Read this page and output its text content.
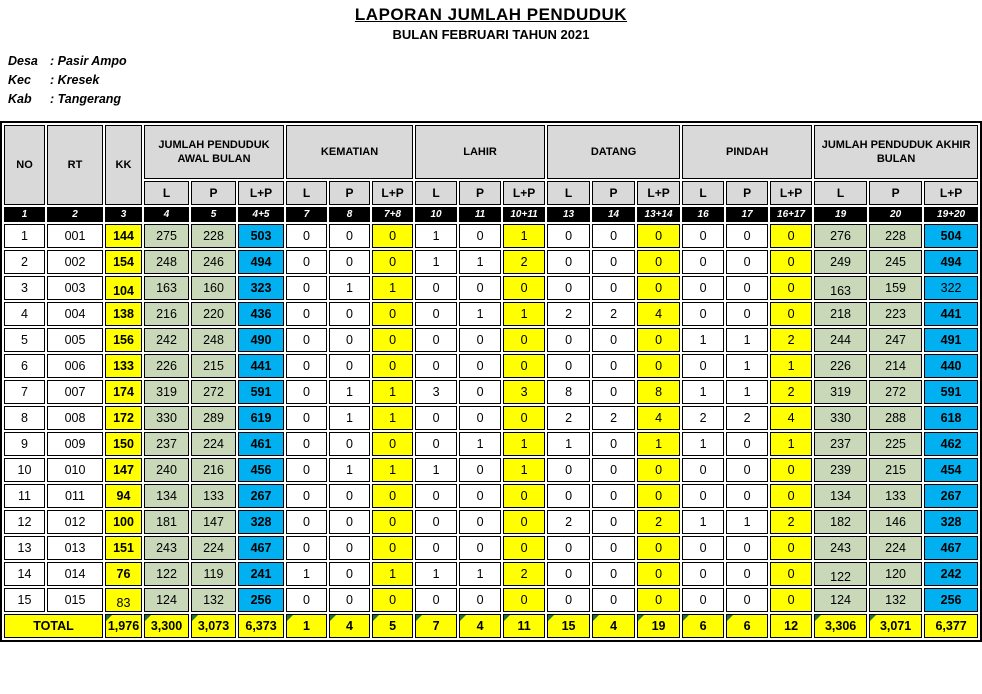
LAPORAN JUMLAH PENDUDUK
BULAN FEBRUARI TAHUN 2021
Desa : Pasir Ampo
Kec : Kresek
Kab : Tangerang
NO	RT	KK	JUMLAH PENDUDUK AWAL BULAN			KEMATIAN			LAHIR			DATANG			PINDAH			JUMLAH PENDUDUK AKHIR BULAN		
			L	P	L+P	L	P	L+P	L	P	L+P	L	P	L+P	L	P	L+P	L	P	L+P
1	2	3	4	5	4+5	7	8	7+8	10	11	10+11	13	14	13+14	16	17	16+17	19	20	19+20
1	001	144	275	228	503	0	0	0	1	0	1	0	0	0	0	0	0	276	228	504
2	002	154	248	246	494	0	0	0	1	1	2	0	0	0	0	0	0	249	245	494
3	003	104	163	160	323	0	1	1	0	0	0	0	0	0	0	0	0	163	159	322
4	004	138	216	220	436	0	0	0	0	1	1	2	2	4	0	0	0	218	223	441
5	005	156	242	248	490	0	0	0	0	0	0	0	0	0	1	1	2	244	247	491
6	006	133	226	215	441	0	0	0	0	0	0	0	0	0	0	1	1	226	214	440
7	007	174	319	272	591	0	1	1	3	0	3	8	0	8	1	1	2	319	272	591
8	008	172	330	289	619	0	1	1	0	0	0	2	2	4	2	2	4	330	288	618
9	009	150	237	224	461	0	0	0	0	1	1	1	0	1	1	0	1	237	225	462
10	010	147	240	216	456	0	1	1	1	0	1	0	0	0	0	0	0	239	215	454
11	011	94	134	133	267	0	0	0	0	0	0	0	0	0	0	0	0	134	133	267
12	012	100	181	147	328	0	0	0	0	0	0	2	0	2	1	1	2	182	146	328
13	013	151	243	224	467	0	0	0	0	0	0	0	0	0	0	0	0	243	224	467
14	014	76	122	119	241	1	0	1	1	1	2	0	0	0	0	0	0	122	120	242
15	015	83	124	132	256	0	0	0	0	0	0	0	0	0	0	0	0	124	132	256
TOTAL		1,976	3,300	3,073	6,373	1	4	5	7	4	11	15	4	19	6	6	12	3,306	3,071	6,377
